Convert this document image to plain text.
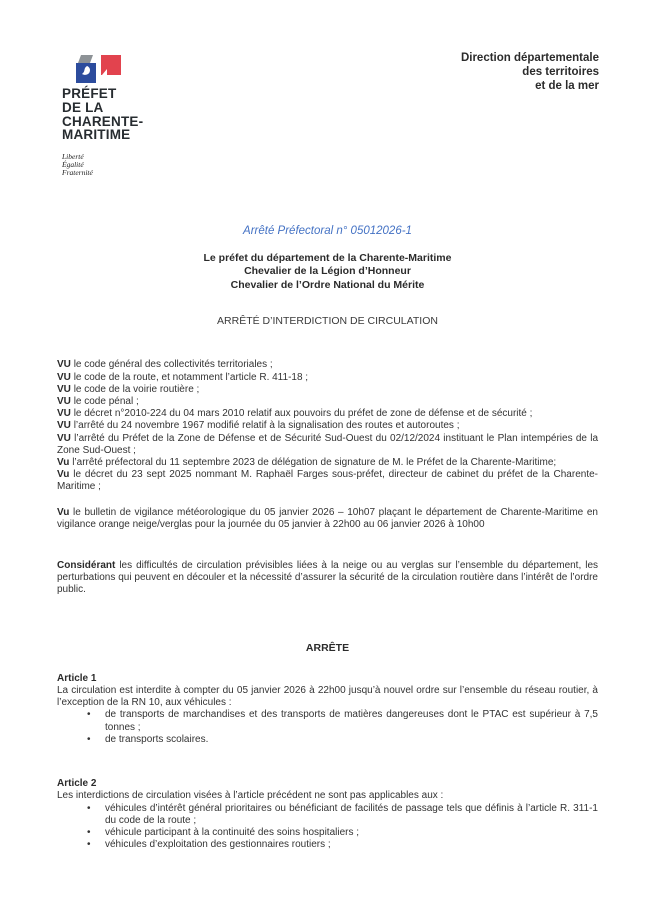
PRÉFET
DE LA
CHARENTE-
MARITIME
Liberté
Égalité
Fraternité
Direction départementale
des territoires
et de la mer
Arrêté Préfectoral n° 05012026-1
Le préfet du département de la Charente-Maritime
Chevalier de la Légion d’Honneur
Chevalier de l’Ordre National du Mérite
ARRÊTÉ D’INTERDICTION DE CIRCULATION

VU le code général des collectivités territoriales ;

VU le code de la route, et notamment l’article R. 411-18 ;

VU le code de la voirie routière ;

VU le code pénal ;

VU le décret n°2010-224 du 04 mars 2010 relatif aux pouvoirs du préfet de zone de défense et de sécurité ;

VU l’arrêté du 24 novembre 1967 modifié relatif à la signalisation des routes et autoroutes ;

VU l’arrêté du Préfet de la Zone de Défense et de Sécurité Sud-Ouest du 02/12/2024 instituant le Plan intempéries de la Zone Sud-Ouest ;

Vu l’arrêté préfectoral du 11 septembre 2023 de délégation de signature de M. le Préfet de la Charente-Maritime;

Vu le décret du 23 sept 2025 nommant M. Raphaël Farges sous-préfet, directeur de cabinet du préfet de la Charente-Maritime ;

Vu le bulletin de vigilance météorologique du 05 janvier 2026 – 10h07 plaçant le département de Charente-Maritime en vigilance orange neige/verglas pour la journée du 05 janvier à 22h00 au 06 janvier 2026 à 10h00

Considérant les difficultés de circulation prévisibles liées à la neige ou au verglas sur l’ensemble du département, les perturbations qui peuvent en découler et la nécessité d’assurer la sécurité de la circulation routière dans l’intérêt de l’ordre public.

ARRÊTE
Article 1
La circulation est interdite à compter du 05 janvier 2026 à 22h00 jusqu’à nouvel ordre sur l’ensemble du réseau routier, à l’exception de la RN 10, aux véhicules :
• de transports de marchandises et des transports de matières dangereuses dont le PTAC est supérieur à 7,5 tonnes ;
• de transports scolaires.
Article 2
Les interdictions de circulation visées à l’article précédent ne sont pas applicables aux :
• véhicules d’intérêt général prioritaires ou bénéficiant de facilités de passage tels que définis à l’article R. 311-1 du code de la route ;
• véhicule participant à la continuité des soins hospitaliers ;
• véhicules d’exploitation des gestionnaires routiers ;
